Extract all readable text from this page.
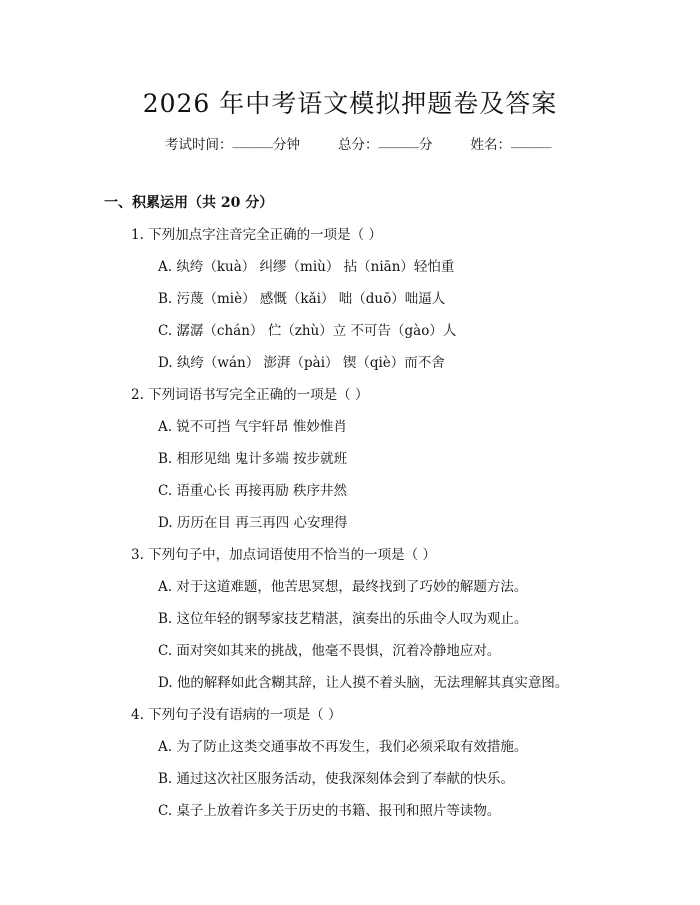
2026 年中考语文模拟押题卷及答案
考试时间： ______ 分钟	总分： ______ 分	姓名： ______
一、积累运用（共 20 分）
1. 下列加点字注音完全正确的一项是（ ）
A. 纨绔（kuà） 纠缪（miù） 拈（niān）轻怕重
B. 污蔑（miè） 感慨（kǎi） 咄（duō）咄逼人
C. 潺潺（chán） 伫（zhù）立 不可告（gào）人
D. 纨绔（wán） 澎湃（pài） 锲（qiè）而不舍
2. 下列词语书写完全正确的一项是（ ）
A. 锐不可挡 气宇轩昂 惟妙惟肖
B. 相形见绌 鬼计多端 按步就班
C. 语重心长 再接再励 秩序井然
D. 历历在目 再三再四 心安理得
3. 下列句子中，加点词语使用不恰当的一项是（ ）
A. 对于这道难题，他苦思冥想，最终找到了巧妙的解题方法。
B. 这位年轻的钢琴家技艺精湛，演奏出的乐曲令人叹为观止。
C. 面对突如其来的挑战，他毫不畏惧，沉着冷静地应对。
D. 他的解释如此含糊其辞，让人摸不着头脑，无法理解其真实意图。
4. 下列句子没有语病的一项是（ ）
A. 为了防止这类交通事故不再发生，我们必须采取有效措施。
B. 通过这次社区服务活动，使我深刻体会到了奉献的快乐。
C. 桌子上放着许多关于历史的书籍、报刊和照片等读物。
